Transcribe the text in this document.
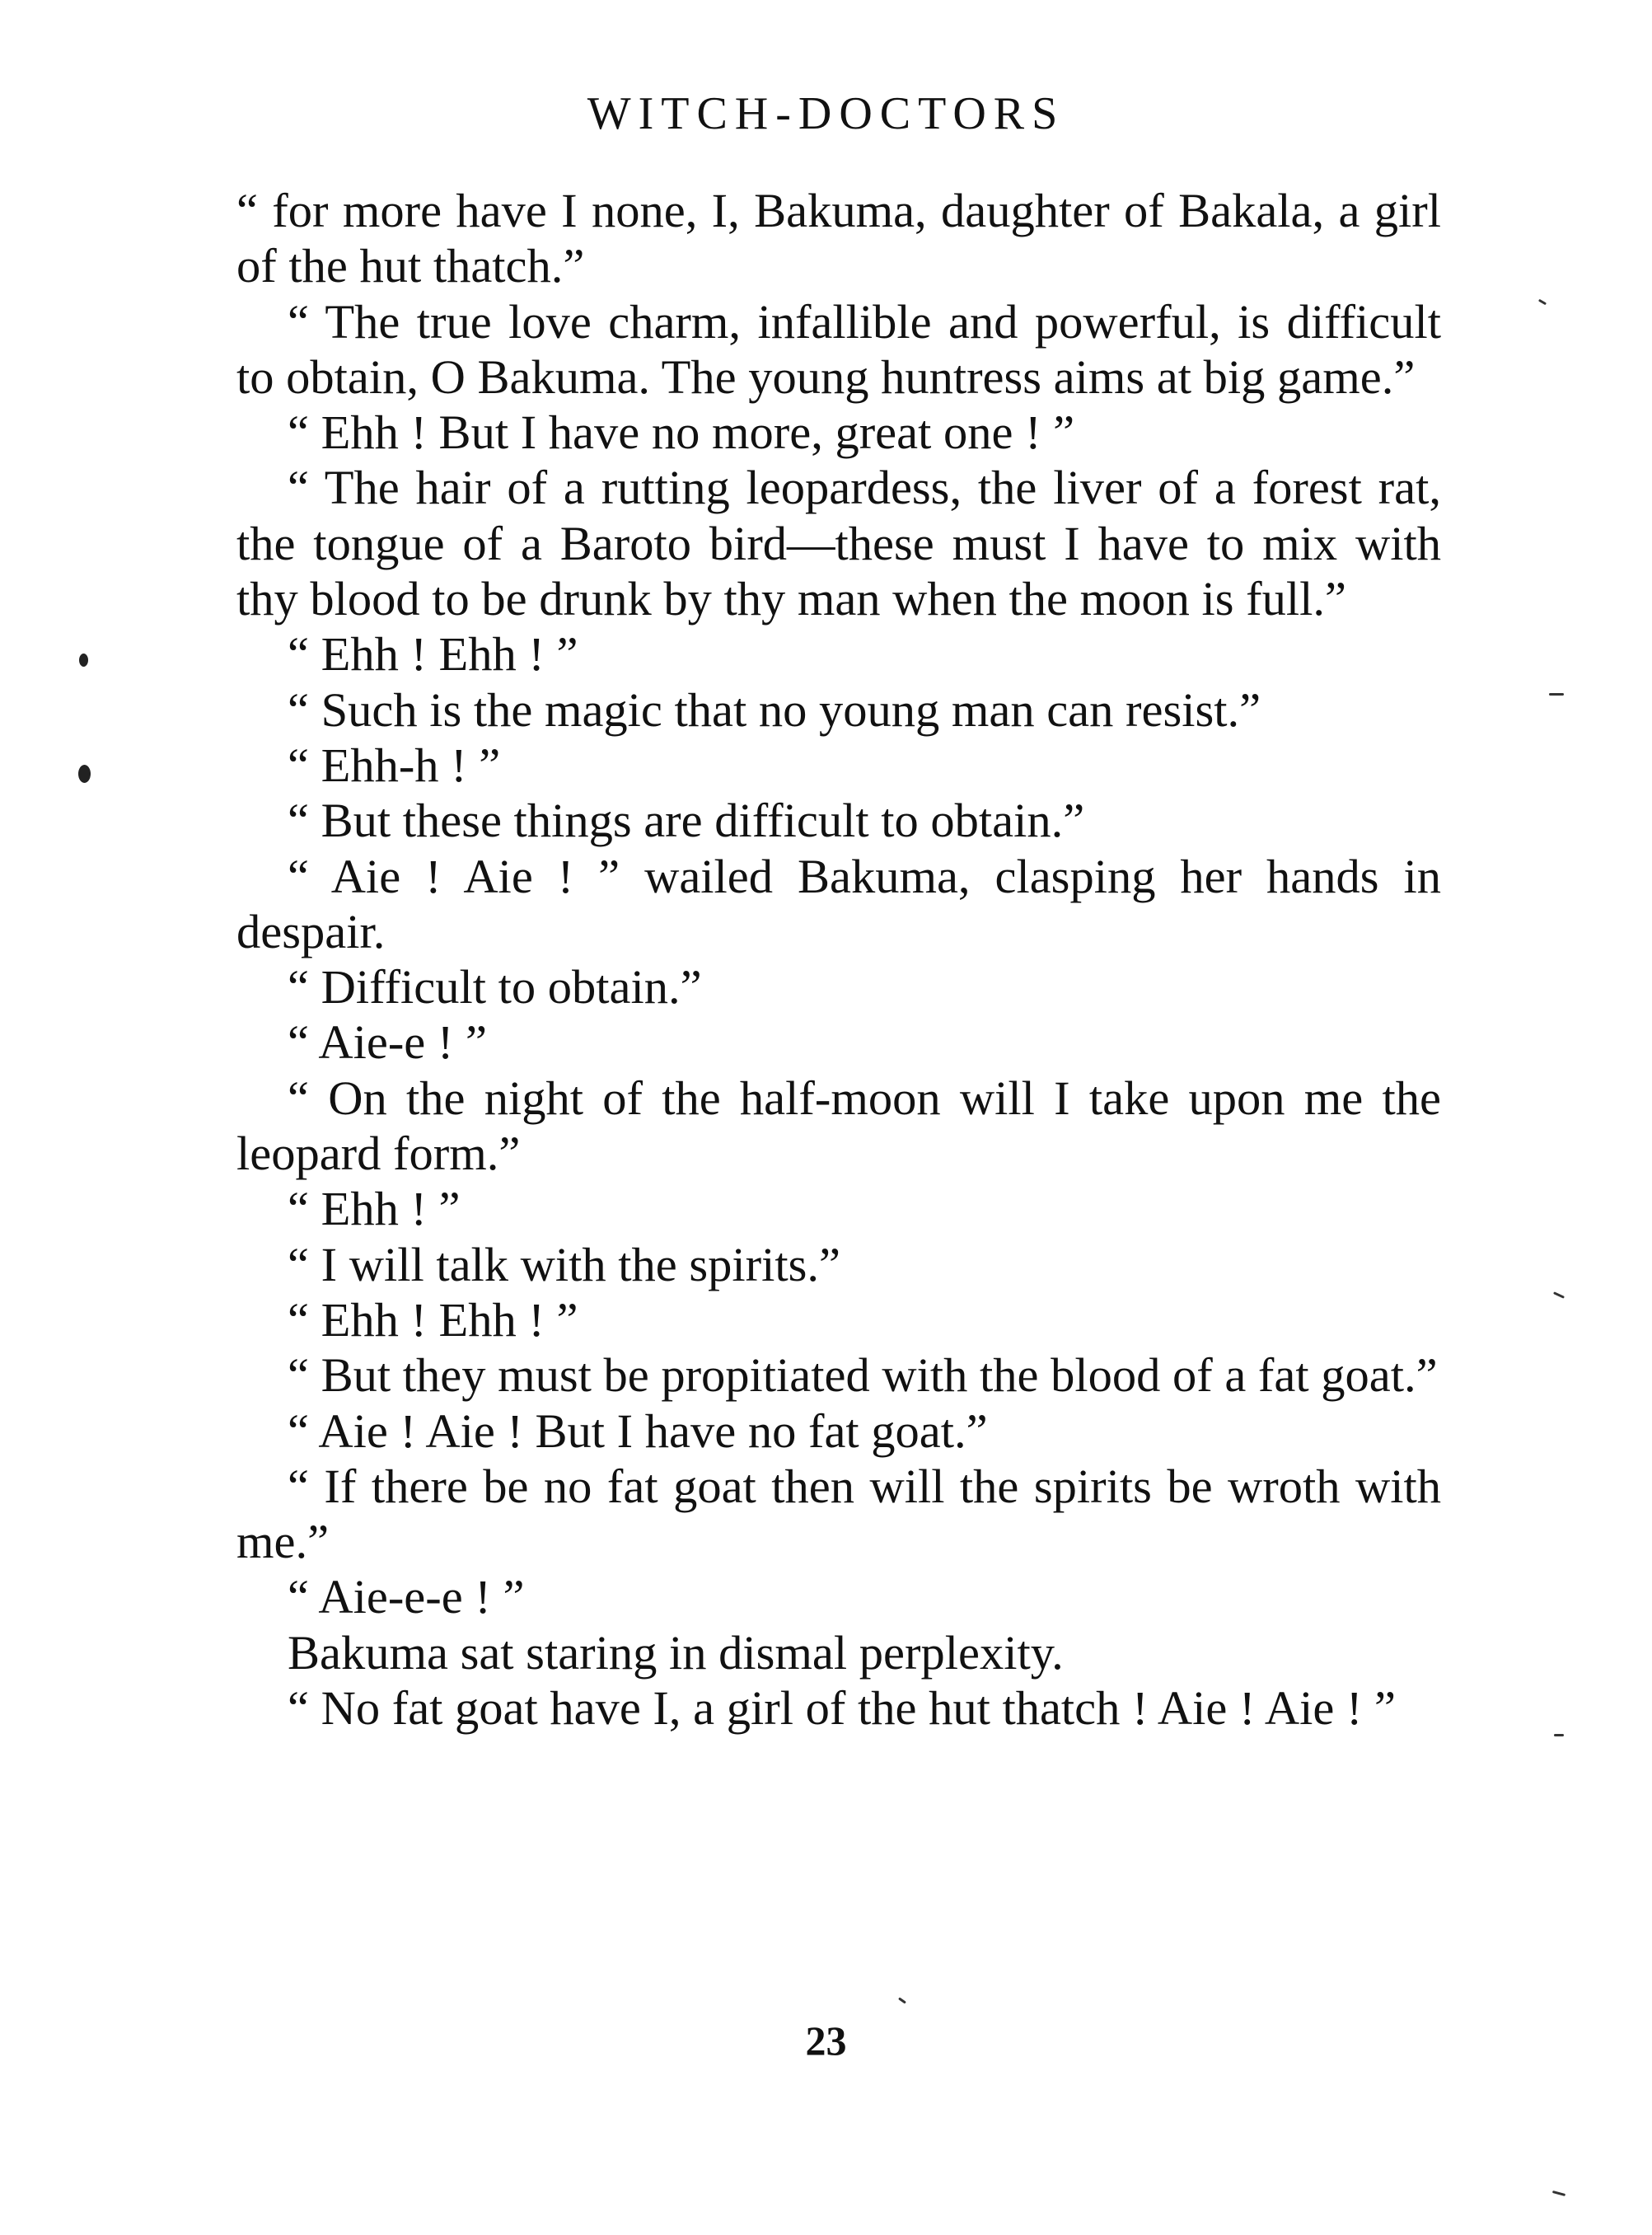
WITCH-DOCTORS

“ for more have I none, I, Bakuma, daughter of Bakala, a girl of the hut thatch.”

“ The true love charm, infallible and powerful, is difficult to obtain, O Bakuma. The young huntress aims at big game.”

“ Ehh ! But I have no more, great one ! ”

“ The hair of a rutting leopardess, the liver of a forest rat, the tongue of a Baroto bird—these must I have to mix with thy blood to be drunk by thy man when the moon is full.”

“ Ehh ! Ehh ! ”

“ Such is the magic that no young man can resist.”

“ Ehh-h ! ”

“ But these things are difficult to obtain.”

“ Aie ! Aie ! ” wailed Bakuma, clasping her hands in despair.

“ Difficult to obtain.”

“ Aie-e ! ”

“ On the night of the half-moon will I take upon me the leopard form.”

“ Ehh ! ”

“ I will talk with the spirits.”

“ Ehh ! Ehh ! ”

“ But they must be propitiated with the blood of a fat goat.”

“ Aie ! Aie ! But I have no fat goat.”

“ If there be no fat goat then will the spirits be wroth with me.”

“ Aie-e-e ! ”

Bakuma sat staring in dismal perplexity.

“ No fat goat have I, a girl of the hut thatch ! Aie ! Aie ! ”

23
